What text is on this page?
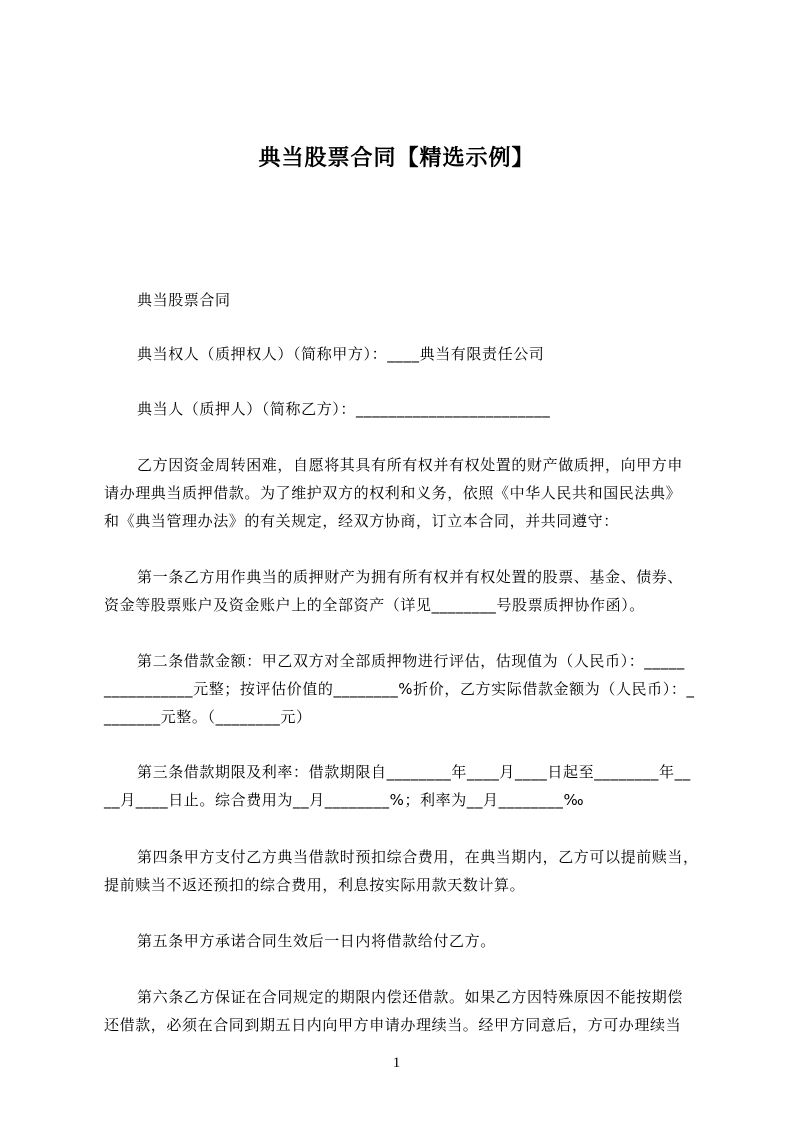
典当股票合同【精选示例】
典当股票合同
典当权人（质押权人）（简称甲方）：____典当有限责任公司
典当人（质押人）（简称乙方）：________________________
乙方因资金周转困难，自愿将其具有所有权并有权处置的财产做质押，向甲方申
请办理典当质押借款。为了维护双方的权利和义务，依照《中华人民共和国民法典》
和《典当管理办法》的有关规定，经双方协商，订立本合同，并共同遵守：
第一条乙方用作典当的质押财产为拥有所有权并有权处置的股票、基金、债券、
资金等股票账户及资金账户上的全部资产（详见________号股票质押协作函）。
第二条借款金额：甲乙双方对全部质押物进行评估，估现值为（人民币）：_____
___________元整；按评估价值的________%折价，乙方实际借款金额为（人民币）：_
_______元整。（________元）
第三条借款期限及利率：借款期限自________年____月____日起至________年__
__月____日止。综合费用为__月________%；利率为__月________‰
第四条甲方支付乙方典当借款时预扣综合费用，在典当期内，乙方可以提前赎当，
提前赎当不返还预扣的综合费用，利息按实际用款天数计算。
第五条甲方承诺合同生效后一日内将借款给付乙方。
第六条乙方保证在合同规定的期限内偿还借款。如果乙方因特殊原因不能按期偿
还借款，必须在合同到期五日内向甲方申请办理续当。经甲方同意后，方可办理续当
1
